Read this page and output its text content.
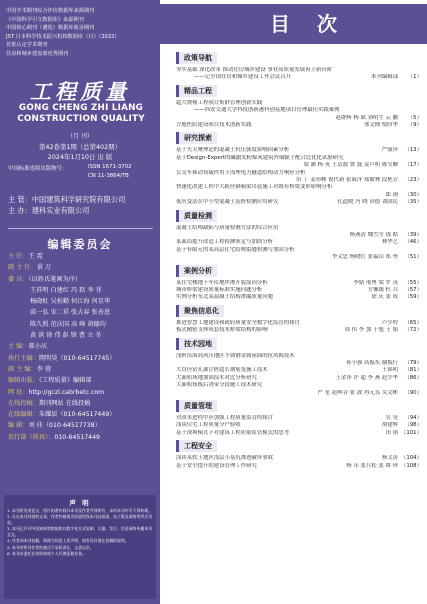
中国学术期刊综合评价数据库来源期刊
《中国科学引文数据库》来源期刊
中国核心期刊（遴选）数据库收录期刊
JST 日本科学技术振兴机构数据库（日）（2022）
首批认定学术期刊
住房和城乡建设部优秀期刊
工程质量
GONG CHENG ZHI LIANG
CONSTRUCTION QUALITY
（月 刊）
第42卷第1期（总第402期）
2024年1月10日 出 版
中国标准连续出版物号：	ISSN 1671-3702
CN 11-3864/TB
主 管：中国建筑科学研究院有限公司
主 办：建科实业有限公司
编辑委员会
主 任：王 霓
副 主 任：景 万
委 员：（以姓氏笔画为序）
王祥明 白建红 冯 跃 李 菲
杨晓虹 吴松勤 何江海 何星华
邱一弘 宋二祥 张大春 张善恩
陈久照 范庆国 高 峰 胡德均
黄 洪 徐 伟 彭 锋 曹 立 冬
主 编：郝小庆
执行主编：隋明昊（010-64517745）
副 主 编：李 蓉
编辑出版：《工程质量》编辑部
网 址：http://gczl.cabrbetc.com
在线投稿：期刊网站 在线投稿
在线编辑：朱耀辰（010-64517449）
编 辑：刘 佳（010-64517738）
发行部（传真）：010-64517449
声 明
1. 本刊所发表论文、图片的著作权归本刊及作者共同所有，未经本刊许可不得转载。
2. 凡在本刊刊登的文章，作者均被视为同意授权本刊以纸质、电子版及网络等形式刊登。
3. 本刊已许可中国知网等数据库以数字化方式复制、汇编、发行、信息网络传播本刊全文。
4. 作者向本刊投稿，即视为同意上述声明，如有异议请在投稿时说明。
5. 本刊对所刊作者的观点不承担责任，文责自负。
6. 本刊未委托任何机构或个人代理征稿业务。
目 次
政策导航
夯实基础 深化改革 推动住房城乡建设 事业高质量发展再上新台阶
——记全国住房和城乡建设工作会议召开	本刊编辑部 （1）
精品工程
超大规模工程项目集群管理创新实践
——西安交通大学科技创新港科创基地项目管理最佳实践案例
赵群辉 杨 斌 刘明生 云 鹏 （5）
方舱医院建设项目技术创新实践	邢文阁 倪时华 （9）
研究探索
基于矢关聚理论的混凝土抗压强度影响因素分析	严丽萍 （13）
基于Design-Expert的碱激发粉煤灰建筑外墙腻子配合比优化试验研究
梁 涵 杨 英 王洁波 鲁 磊 姜卢明 陈宝卿 （17）
公交车移动荷载作用下浅埋电力隧道结构动力响应分析
田 丁 姜亦峰 倪代新 张海萍 郑敏林 段艳芳 （23）
快速化改建工程中大跨径钢箱梁吊装施工对既有桥梁变形影响分析
郎 雨 （30）
低应变法在中小型混凝土基桩检测应用研究	孔道晓 冯 晓 田德 刘国民 （35）
质量检测
混凝土结构缺陷与质量检测方法的综合应用
杨燕清 魏雪莹 钱 皓 （39）
某面沿提升改造工程检测鉴定与加固分析	林华艺 （46）
基于有限元的某高层住宅结构裂缝检测与加固分析
李文忠 杨晓红 张福山 郑 勇 （51）
案例分析
某住宅楼地下车库地坪渗开裂原因分析	李婧 邢博 梁 罗 茂 （55）
城市桥梁建设质量标准实施问题分析	方馨阁 杜 兵 （57）
实例分析东北某混凝土结构渗漏质量问题	徐 庆 张 成 （59）
聚焦信息化
推进智慧工地建设和政府质量安全数字化监管的探讨	卢少程 （65）
板式精密支座成套技术桥梁结构的影响	周 伟 李 加 于旭 王 娟 （72）
技术园地
浅析沿海高风压地区不锈钢金属屋面的抗风揭技术
孙小强 高振东 谢振行 （79）
大直径钻孔灌注桩超长钢筋笼施工技术	王锦明 （81）
大面积场地加固技术对比分析研究	王金泽 许 超 李 燕 赵少华 （86）
大面积筏板后浇带分段施工技术研究
严 星 赵辉谷 张 波 冉元良 吴文彬 （90）
质量管理
对改革进程中应加强工程质量监管的探讨	吴 昊 （94）
浅谈住宅工程质量分户验收	胡建辉 （98）
基于深圳模式下对建筑工程质量监管模式的思考	田 雨 （101）
工程安全
浅谈某软土地区浅层小基坑渗透破坏事故	杨文涛 （104）
基于安全提升的建设管理工作研究	杨 乐 张兵松 张 维 珍 （108）
